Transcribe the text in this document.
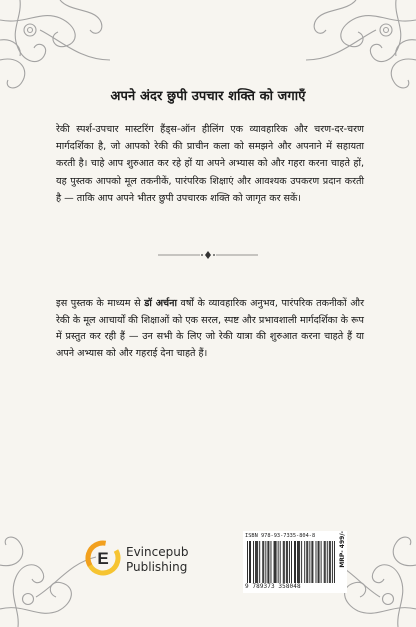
अपने अंदर छुपी उपचार शक्ति को जगाएँ
रेकी स्पर्श-उपचार मास्टरिंग हैंड्स-ऑन हीलिंग एक व्यावहारिक और चरण-दर-चरण मार्गदर्शिका है, जो आपको रेकी की प्राचीन कला को समझने और अपनाने में सहायता करती है। चाहे आप शुरुआत कर रहे हों या अपने अभ्यास को और गहरा करना चाहते हों, यह पुस्तक आपको मूल तकनीकें, पारंपरिक शिक्षाएं और आवश्यक उपकरण प्रदान करती है — ताकि आप अपने भीतर छुपी उपचारक शक्ति को जागृत कर सकें।
इस पुस्तक के माध्यम से डॉ अर्चना वर्षों के व्यावहारिक अनुभव, पारंपरिक तकनीकों और रेकी के मूल आचार्यों की शिक्षाओं को एक सरल, स्पष्ट और प्रभावशाली मार्गदर्शिका के रूप में प्रस्तुत कर रही हैं — उन सभी के लिए जो रेकी यात्रा की शुरुआत करना चाहते हैं या अपने अभ्यास को और गहराई देना चाहते हैं।
E Evincepub
Publishing
ISBN 978-93-7335-804-8	MRP- 499/-
9 789373 358048
